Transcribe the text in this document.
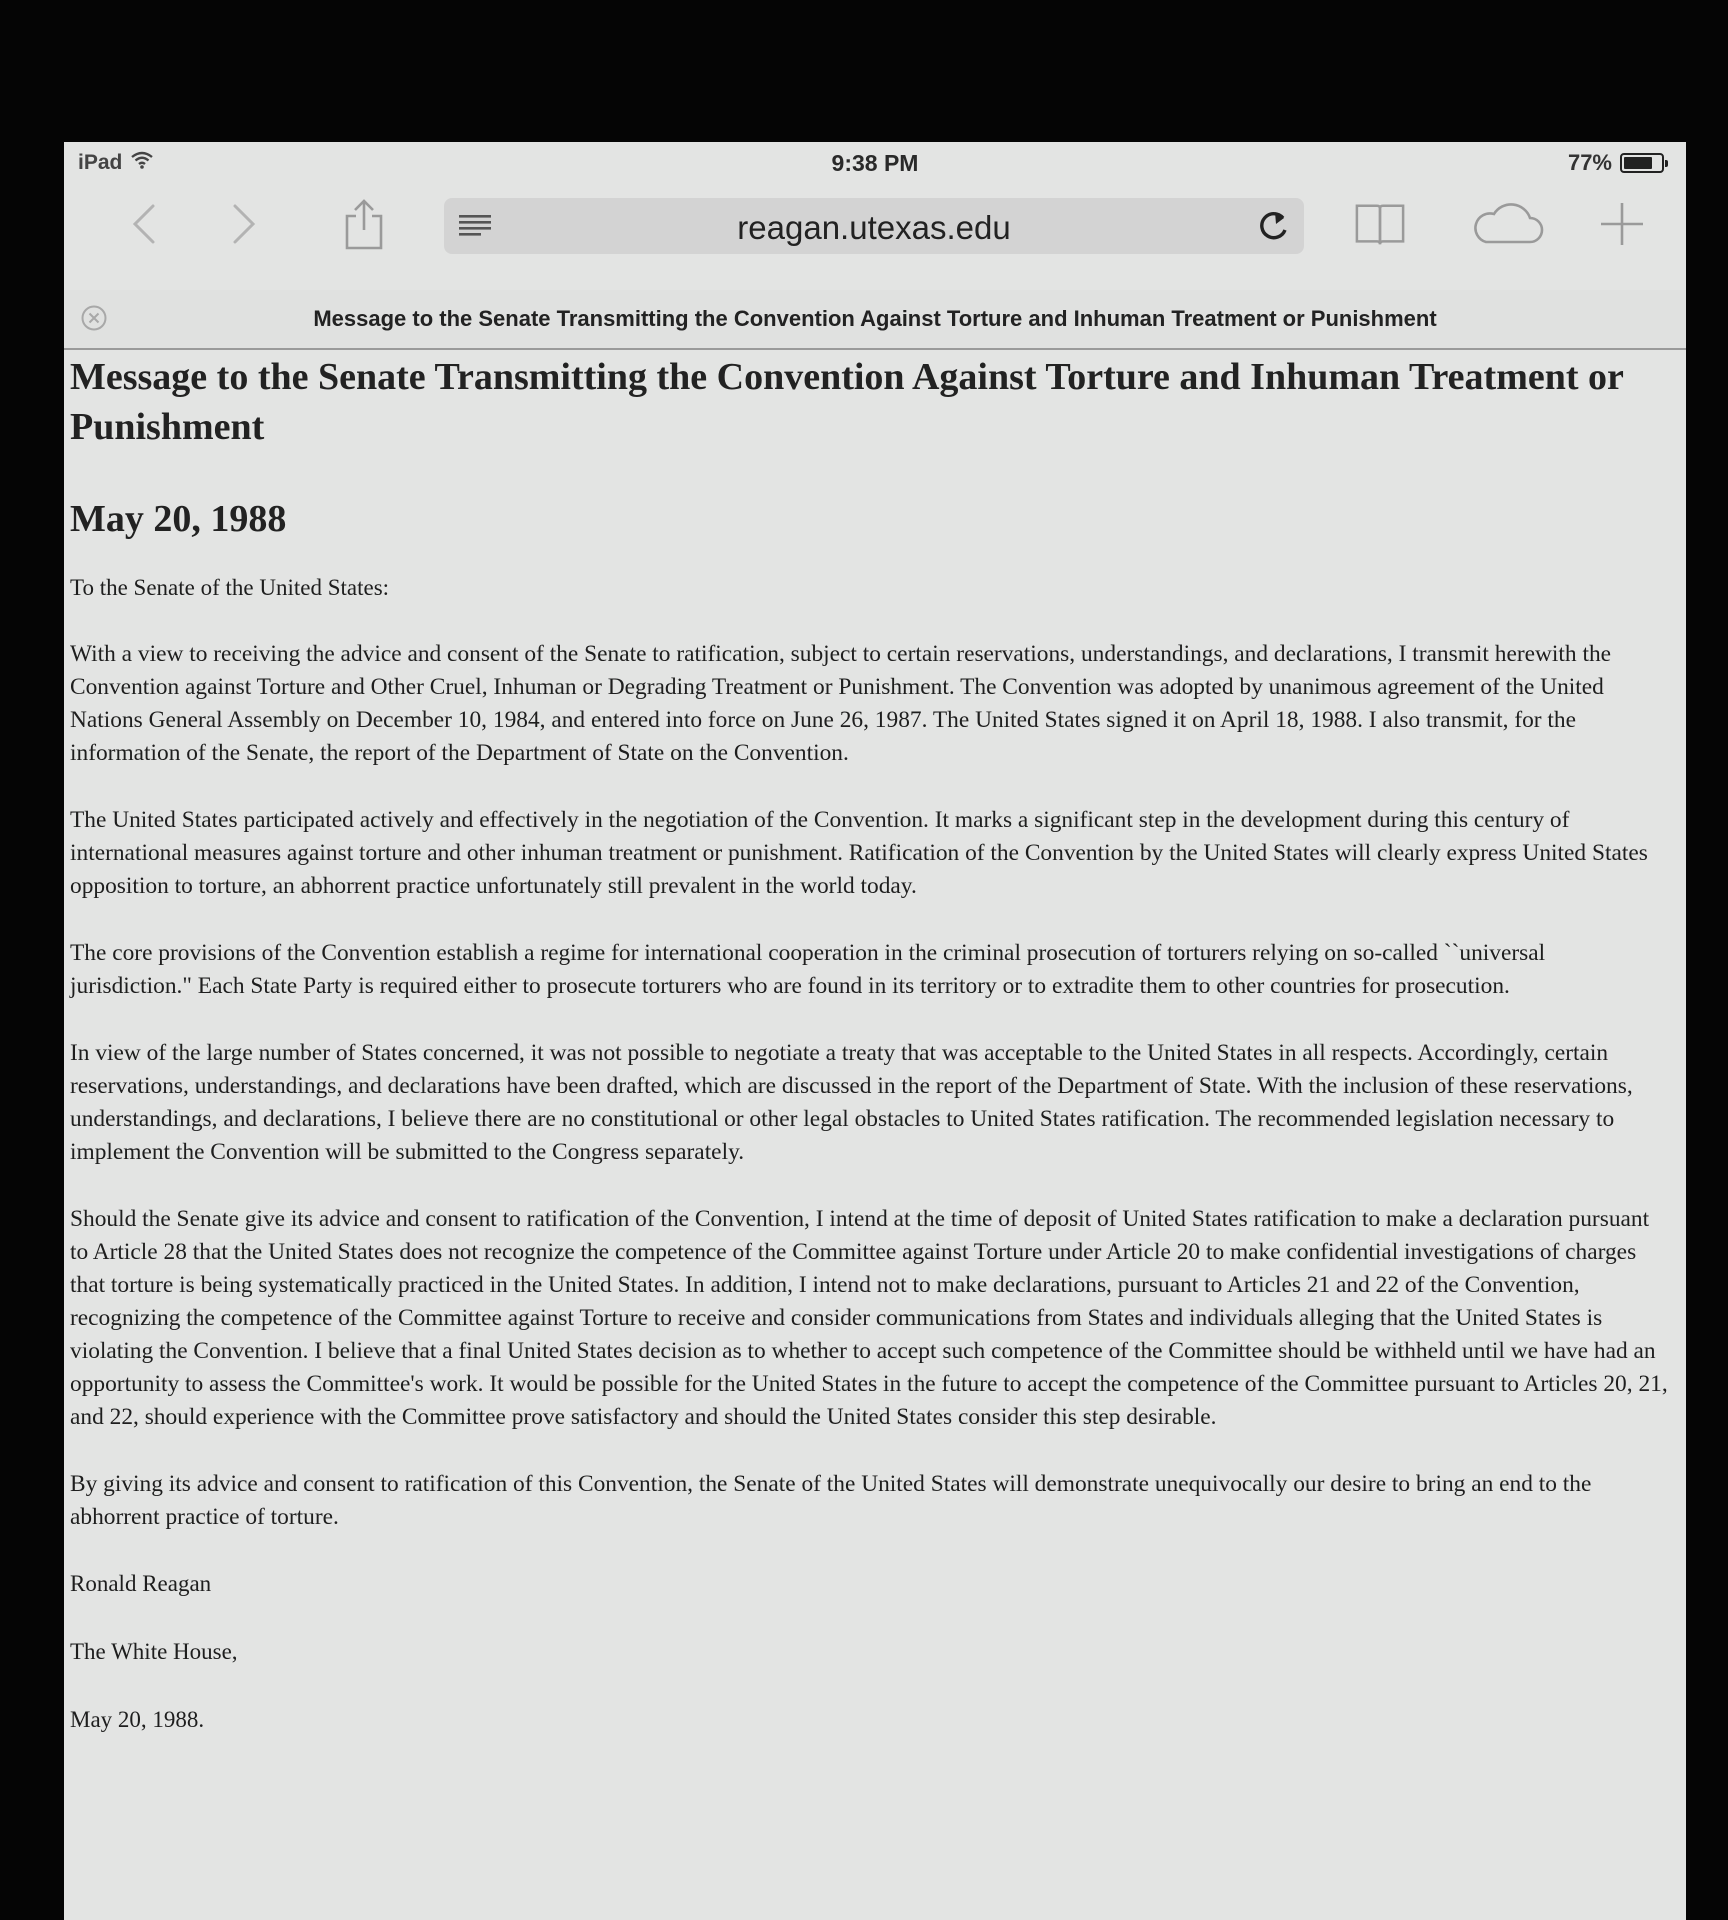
iPad	9:38 PM	77%
reagan.utexas.edu
Message to the Senate Transmitting the Convention Against Torture and Inhuman Treatment or Punishment
Message to the Senate Transmitting the Convention Against Torture and Inhuman Treatment or Punishment
May 20, 1988

To the Senate of the United States:

With a view to receiving the advice and consent of the Senate to ratification, subject to certain reservations, understandings, and declarations, I transmit herewith the Convention against Torture and Other Cruel, Inhuman or Degrading Treatment or Punishment. The Convention was adopted by unanimous agreement of the United Nations General Assembly on December 10, 1984, and entered into force on June 26, 1987. The United States signed it on April 18, 1988. I also transmit, for the information of the Senate, the report of the Department of State on the Convention.

The United States participated actively and effectively in the negotiation of the Convention. It marks a significant step in the development during this century of international measures against torture and other inhuman treatment or punishment. Ratification of the Convention by the United States will clearly express United States opposition to torture, an abhorrent practice unfortunately still prevalent in the world today.

The core provisions of the Convention establish a regime for international cooperation in the criminal prosecution of torturers relying on so-called ``universal jurisdiction." Each State Party is required either to prosecute torturers who are found in its territory or to extradite them to other countries for prosecution.

In view of the large number of States concerned, it was not possible to negotiate a treaty that was acceptable to the United States in all respects. Accordingly, certain reservations, understandings, and declarations have been drafted, which are discussed in the report of the Department of State. With the inclusion of these reservations, understandings, and declarations, I believe there are no constitutional or other legal obstacles to United States ratification. The recommended legislation necessary to implement the Convention will be submitted to the Congress separately.

Should the Senate give its advice and consent to ratification of the Convention, I intend at the time of deposit of United States ratification to make a declaration pursuant to Article 28 that the United States does not recognize the competence of the Committee against Torture under Article 20 to make confidential investigations of charges that torture is being systematically practiced in the United States. In addition, I intend not to make declarations, pursuant to Articles 21 and 22 of the Convention, recognizing the competence of the Committee against Torture to receive and consider communications from States and individuals alleging that the United States is violating the Convention. I believe that a final United States decision as to whether to accept such competence of the Committee should be withheld until we have had an opportunity to assess the Committee's work. It would be possible for the United States in the future to accept the competence of the Committee pursuant to Articles 20, 21, and 22, should experience with the Committee prove satisfactory and should the United States consider this step desirable.

By giving its advice and consent to ratification of this Convention, the Senate of the United States will demonstrate unequivocally our desire to bring an end to the abhorrent practice of torture.

Ronald Reagan

The White House,

May 20, 1988.
